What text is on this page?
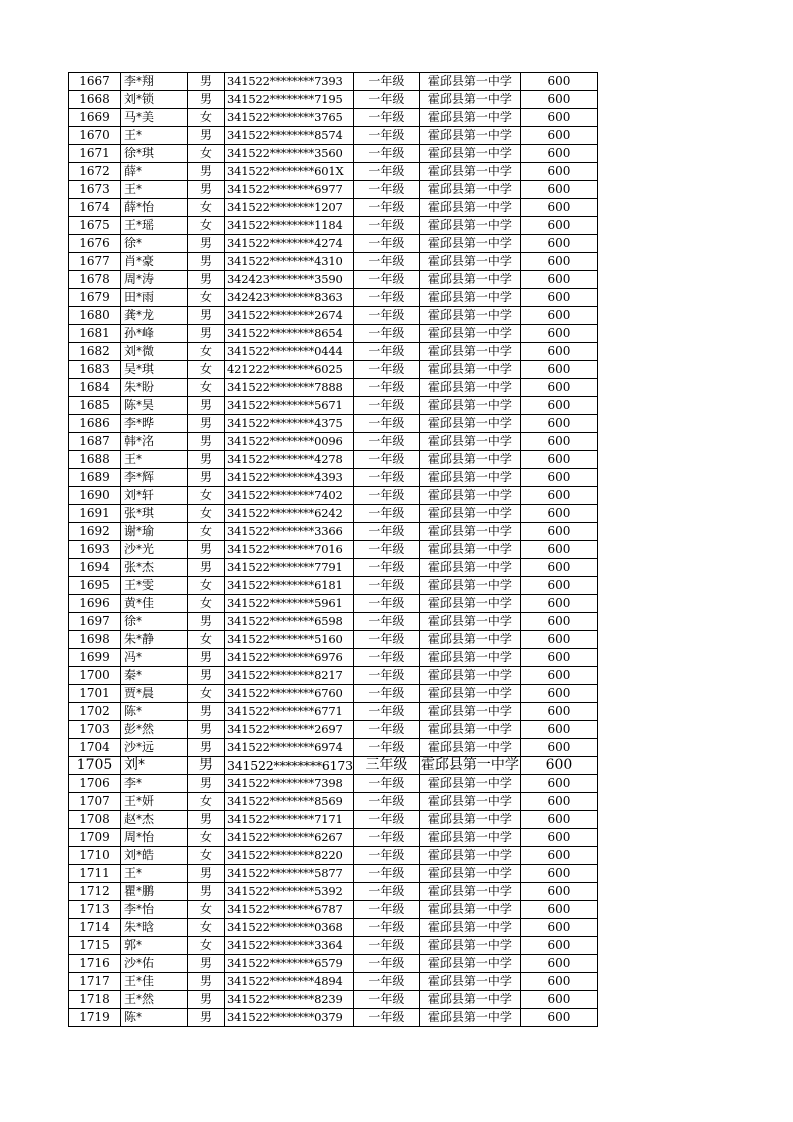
1667	李*翔	男	341522********7393	一年级	霍邱县第一中学	600
1668	刘*锁	男	341522********7195	一年级	霍邱县第一中学	600
1669	马*美	女	341522********3765	一年级	霍邱县第一中学	600
1670	王*	男	341522********8574	一年级	霍邱县第一中学	600
1671	徐*琪	女	341522********3560	一年级	霍邱县第一中学	600
1672	薛*	男	341522********601X	一年级	霍邱县第一中学	600
1673	王*	男	341522********6977	一年级	霍邱县第一中学	600
1674	薛*怡	女	341522********1207	一年级	霍邱县第一中学	600
1675	王*瑶	女	341522********1184	一年级	霍邱县第一中学	600
1676	徐*	男	341522********4274	一年级	霍邱县第一中学	600
1677	肖*豪	男	341522********4310	一年级	霍邱县第一中学	600
1678	周*涛	男	342423********3590	一年级	霍邱县第一中学	600
1679	田*雨	女	342423********8363	一年级	霍邱县第一中学	600
1680	龚*龙	男	341522********2674	一年级	霍邱县第一中学	600
1681	孙*峰	男	341522********8654	一年级	霍邱县第一中学	600
1682	刘*微	女	341522********0444	一年级	霍邱县第一中学	600
1683	吴*琪	女	421222********6025	一年级	霍邱县第一中学	600
1684	朱*盼	女	341522********7888	一年级	霍邱县第一中学	600
1685	陈*昊	男	341522********5671	一年级	霍邱县第一中学	600
1686	李*晔	男	341522********4375	一年级	霍邱县第一中学	600
1687	韩*洺	男	341522********0096	一年级	霍邱县第一中学	600
1688	王*	男	341522********4278	一年级	霍邱县第一中学	600
1689	李*辉	男	341522********4393	一年级	霍邱县第一中学	600
1690	刘*轩	女	341522********7402	一年级	霍邱县第一中学	600
1691	张*琪	女	341522********6242	一年级	霍邱县第一中学	600
1692	谢*瑜	女	341522********3366	一年级	霍邱县第一中学	600
1693	沙*光	男	341522********7016	一年级	霍邱县第一中学	600
1694	张*杰	男	341522********7791	一年级	霍邱县第一中学	600
1695	王*雯	女	341522********6181	一年级	霍邱县第一中学	600
1696	黄*佳	女	341522********5961	一年级	霍邱县第一中学	600
1697	徐*	男	341522********6598	一年级	霍邱县第一中学	600
1698	朱*静	女	341522********5160	一年级	霍邱县第一中学	600
1699	冯*	男	341522********6976	一年级	霍邱县第一中学	600
1700	秦*	男	341522********8217	一年级	霍邱县第一中学	600
1701	贾*晨	女	341522********6760	一年级	霍邱县第一中学	600
1702	陈*	男	341522********6771	一年级	霍邱县第一中学	600
1703	彭*然	男	341522********2697	一年级	霍邱县第一中学	600
1704	沙*远	男	341522********6974	一年级	霍邱县第一中学	600
1705	刘*	男	341522********6173	三年级	霍邱县第一中学	600
1706	李*	男	341522********7398	一年级	霍邱县第一中学	600
1707	王*妍	女	341522********8569	一年级	霍邱县第一中学	600
1708	赵*杰	男	341522********7171	一年级	霍邱县第一中学	600
1709	周*怡	女	341522********6267	一年级	霍邱县第一中学	600
1710	刘*皓	女	341522********8220	一年级	霍邱县第一中学	600
1711	王*	男	341522********5877	一年级	霍邱县第一中学	600
1712	瞿*鹏	男	341522********5392	一年级	霍邱县第一中学	600
1713	李*怡	女	341522********6787	一年级	霍邱县第一中学	600
1714	朱*晗	女	341522********0368	一年级	霍邱县第一中学	600
1715	郭*	女	341522********3364	一年级	霍邱县第一中学	600
1716	沙*佑	男	341522********6579	一年级	霍邱县第一中学	600
1717	王*佳	男	341522********4894	一年级	霍邱县第一中学	600
1718	王*然	男	341522********8239	一年级	霍邱县第一中学	600
1719	陈*	男	341522********0379	一年级	霍邱县第一中学	600
